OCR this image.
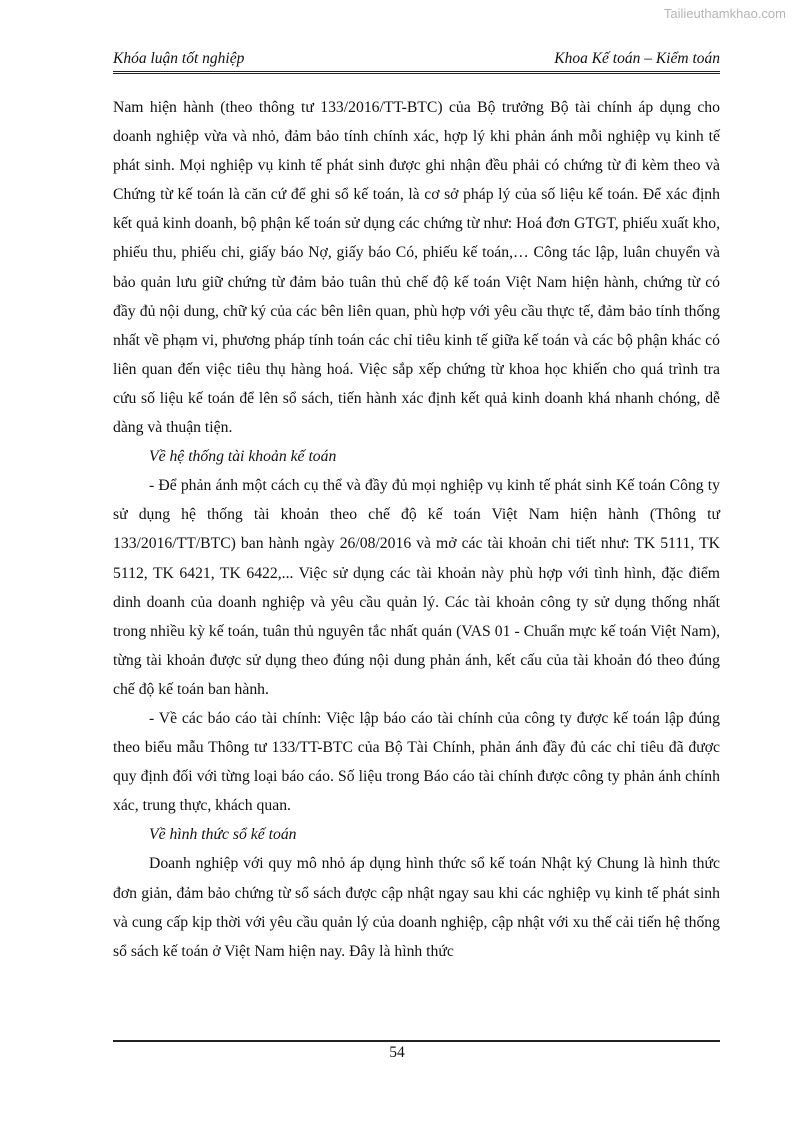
Tailieuthamkhao.com
Khóa luận tốt nghiệp	Khoa Kế toán – Kiểm toán

Nam hiện hành (theo thông tư 133/2016/TT-BTC) của Bộ trưởng Bộ tài chính áp dụng cho doanh nghiệp vừa và nhỏ, đảm bảo tính chính xác, hợp lý khi phản ánh mỗi nghiệp vụ kinh tế phát sinh. Mọi nghiệp vụ kinh tế phát sinh được ghi nhận đều phải có chứng từ đi kèm theo và Chứng từ kế toán là căn cứ để ghi sổ kế toán, là cơ sở pháp lý của số liệu kế toán. Để xác định kết quả kinh doanh, bộ phận kế toán sử dụng các chứng từ như: Hoá đơn GTGT, phiếu xuất kho, phiếu thu, phiếu chi, giấy báo Nợ, giấy báo Có, phiếu kế toán,… Công tác lập, luân chuyển và bảo quản lưu giữ chứng từ đảm bảo tuân thủ chế độ kế toán Việt Nam hiện hành, chứng từ có đầy đủ nội dung, chữ ký của các bên liên quan, phù hợp với yêu cầu thực tế, đảm bảo tính thống nhất về phạm vi, phương pháp tính toán các chỉ tiêu kinh tế giữa kế toán và các bộ phận khác có liên quan đến việc tiêu thụ hàng hoá. Việc sắp xếp chứng từ khoa học khiến cho quá trình tra cứu số liệu kế toán để lên sổ sách, tiến hành xác định kết quả kinh doanh khá nhanh chóng, dễ dàng và thuận tiện.

Về hệ thống tài khoản kế toán

- Để phản ánh một cách cụ thể và đầy đủ mọi nghiệp vụ kinh tế phát sinh Kế toán Công ty sử dụng hệ thống tài khoản theo chế độ kế toán Việt Nam hiện hành (Thông tư 133/2016/TT/BTC) ban hành ngày 26/08/2016 và mở các tài khoản chi tiết như: TK 5111, TK 5112, TK 6421, TK 6422,... Việc sử dụng các tài khoản này phù hợp với tình hình, đặc điểm dinh doanh của doanh nghiệp và yêu cầu quản lý. Các tài khoản công ty sử dụng thống nhất trong nhiều kỳ kế toán, tuân thủ nguyên tắc nhất quán (VAS 01 - Chuẩn mực kế toán Việt Nam), từng tài khoản được sử dụng theo đúng nội dung phản ánh, kết cấu của tài khoản đó theo đúng chế độ kế toán ban hành.

- Về các báo cáo tài chính: Việc lập báo cáo tài chính của công ty được kế toán lập đúng theo biểu mẫu Thông tư 133/TT-BTC của Bộ Tài Chính, phản ánh đầy đủ các chỉ tiêu đã được quy định đối với từng loại báo cáo. Số liệu trong Báo cáo tài chính được công ty phản ánh chính xác, trung thực, khách quan.

Về hình thức sổ kế toán

Doanh nghiệp với quy mô nhỏ áp dụng hình thức sổ kế toán Nhật ký Chung là hình thức đơn giản, đảm bảo chứng từ sổ sách được cập nhật ngay sau khi các nghiệp vụ kinh tế phát sinh và cung cấp kịp thời với yêu cầu quản lý của doanh nghiệp, cập nhật với xu thế cải tiến hệ thống sổ sách kế toán ở Việt Nam hiện nay. Đây là hình thức

54
